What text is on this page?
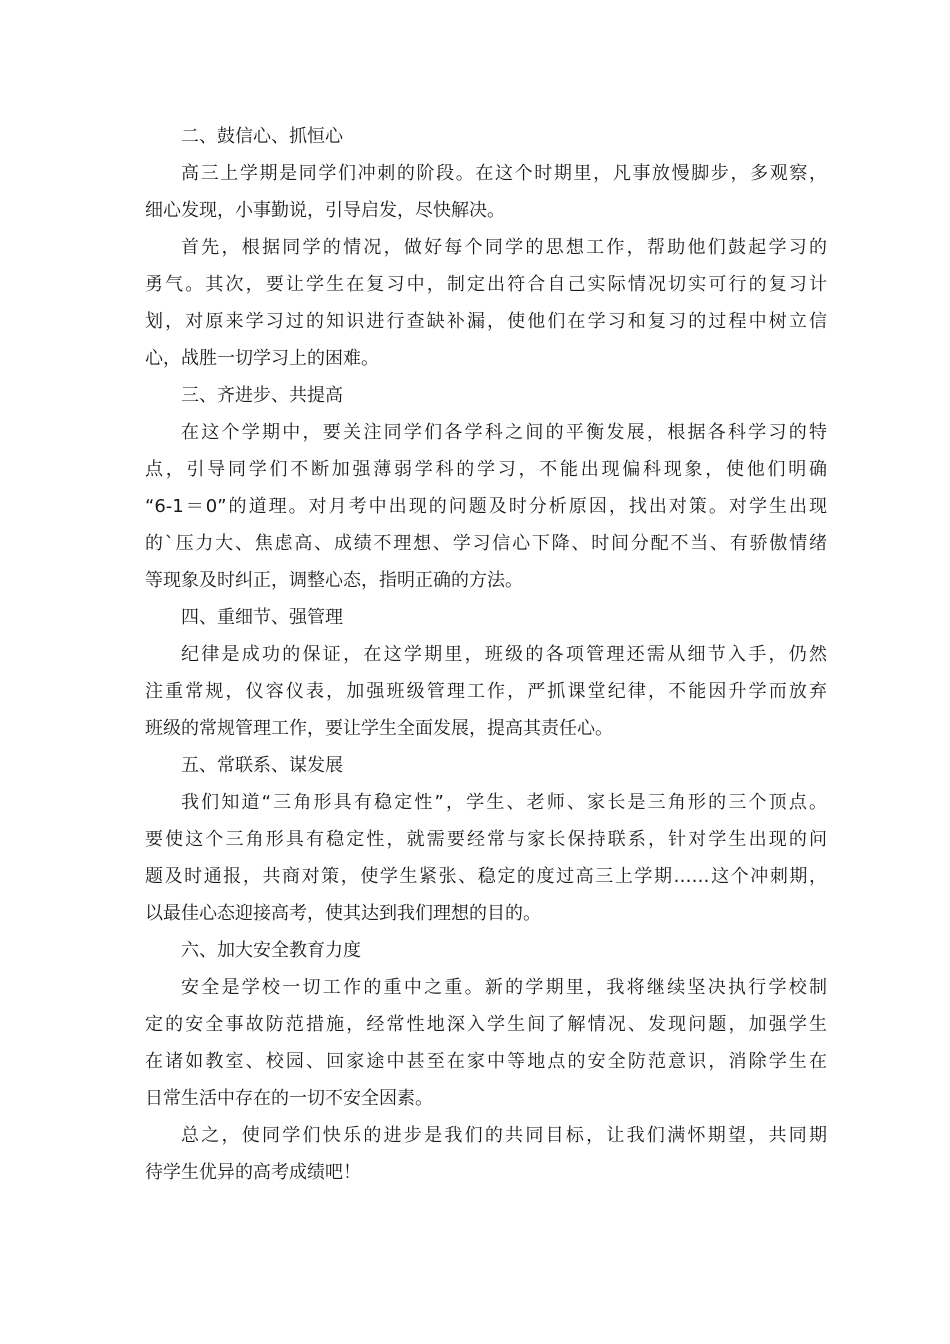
二、鼓信心、抓恒心
高三上学期是同学们冲刺的阶段。在这个时期里，凡事放慢脚步，多观察，
细心发现，小事勤说，引导启发，尽快解决。
首先，根据同学的情况，做好每个同学的思想工作，帮助他们鼓起学习的
勇气。其次，要让学生在复习中，制定出符合自己实际情况切实可行的复习计
划，对原来学习过的知识进行查缺补漏，使他们在学习和复习的过程中树立信
心，战胜一切学习上的困难。
三、齐进步、共提高
在这个学期中，要关注同学们各学科之间的平衡发展，根据各科学习的特
点，引导同学们不断加强薄弱学科的学习，不能出现偏科现象，使他们明确
“6-1＝0”的道理。对月考中出现的问题及时分析原因，找出对策。对学生出现
的`压力大、焦虑高、成绩不理想、学习信心下降、时间分配不当、有骄傲情绪
等现象及时纠正，调整心态，指明正确的方法。
四、重细节、强管理
纪律是成功的保证，在这学期里，班级的各项管理还需从细节入手，仍然
注重常规，仪容仪表，加强班级管理工作，严抓课堂纪律，不能因升学而放弃
班级的常规管理工作，要让学生全面发展，提高其责任心。
五、常联系、谋发展
我们知道“三角形具有稳定性”，学生、老师、家长是三角形的三个顶点。
要使这个三角形具有稳定性，就需要经常与家长保持联系，针对学生出现的问
题及时通报，共商对策，使学生紧张、稳定的度过高三上学期……这个冲刺期，
以最佳心态迎接高考，使其达到我们理想的目的。
六、加大安全教育力度
安全是学校一切工作的重中之重。新的学期里，我将继续坚决执行学校制
定的安全事故防范措施，经常性地深入学生间了解情况、发现问题，加强学生
在诸如教室、校园、回家途中甚至在家中等地点的安全防范意识，消除学生在
日常生活中存在的一切不安全因素。
总之，使同学们快乐的进步是我们的共同目标，让我们满怀期望，共同期
待学生优异的高考成绩吧！
